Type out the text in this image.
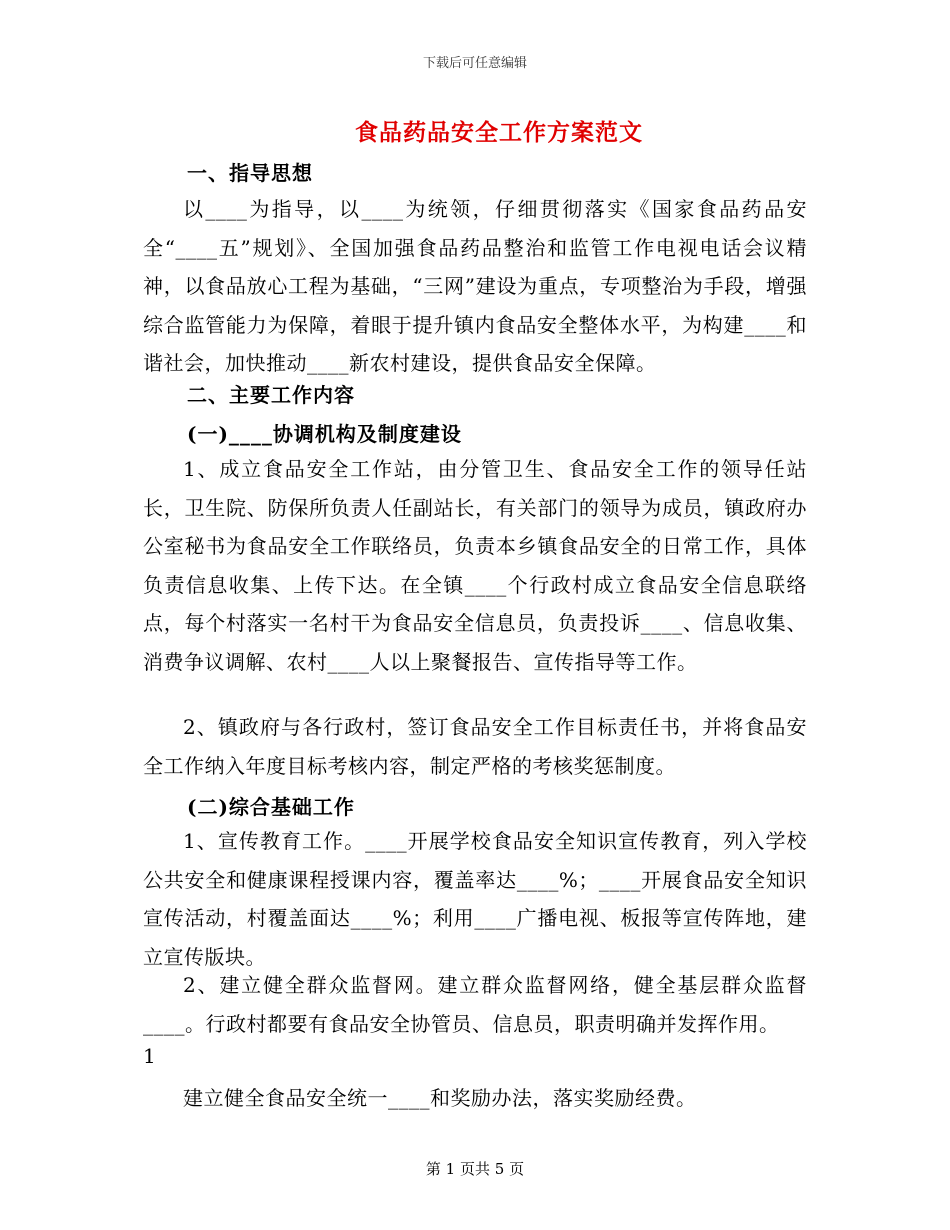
下载后可任意编辑
食品药品安全工作方案范文
一、指导思想
以____为指导，以____为统领，仔细贯彻落实《国家食品药品安全“____五”规划》、全国加强食品药品整治和监管工作电视电话会议精神，以食品放心工程为基础，“三网”建设为重点，专项整治为手段，增强综合监管能力为保障，着眼于提升镇内食品安全整体水平，为构建____和谐社会，加快推动____新农村建设，提供食品安全保障。
二、主要工作内容
(一)____协调机构及制度建设
1、成立食品安全工作站，由分管卫生、食品安全工作的领导任站长，卫生院、防保所负责人任副站长，有关部门的领导为成员，镇政府办公室秘书为食品安全工作联络员，负责本乡镇食品安全的日常工作，具体负责信息收集、上传下达。在全镇____个行政村成立食品安全信息联络点，每个村落实一名村干为食品安全信息员，负责投诉____、信息收集、消费争议调解、农村____人以上聚餐报告、宣传指导等工作。
2、镇政府与各行政村，签订食品安全工作目标责任书，并将食品安全工作纳入年度目标考核内容，制定严格的考核奖惩制度。
(二)综合基础工作
1、宣传教育工作。____开展学校食品安全知识宣传教育，列入学校公共安全和健康课程授课内容，覆盖率达____%；____开展食品安全知识宣传活动，村覆盖面达____%；利用____广播电视、板报等宣传阵地，建立宣传版块。
2、建立健全群众监督网。建立群众监督网络，健全基层群众监督____。行政村都要有食品安全协管员、信息员，职责明确并发挥作用。
1
建立健全食品安全统一____和奖励办法，落实奖励经费。
第 1 页共 5 页
